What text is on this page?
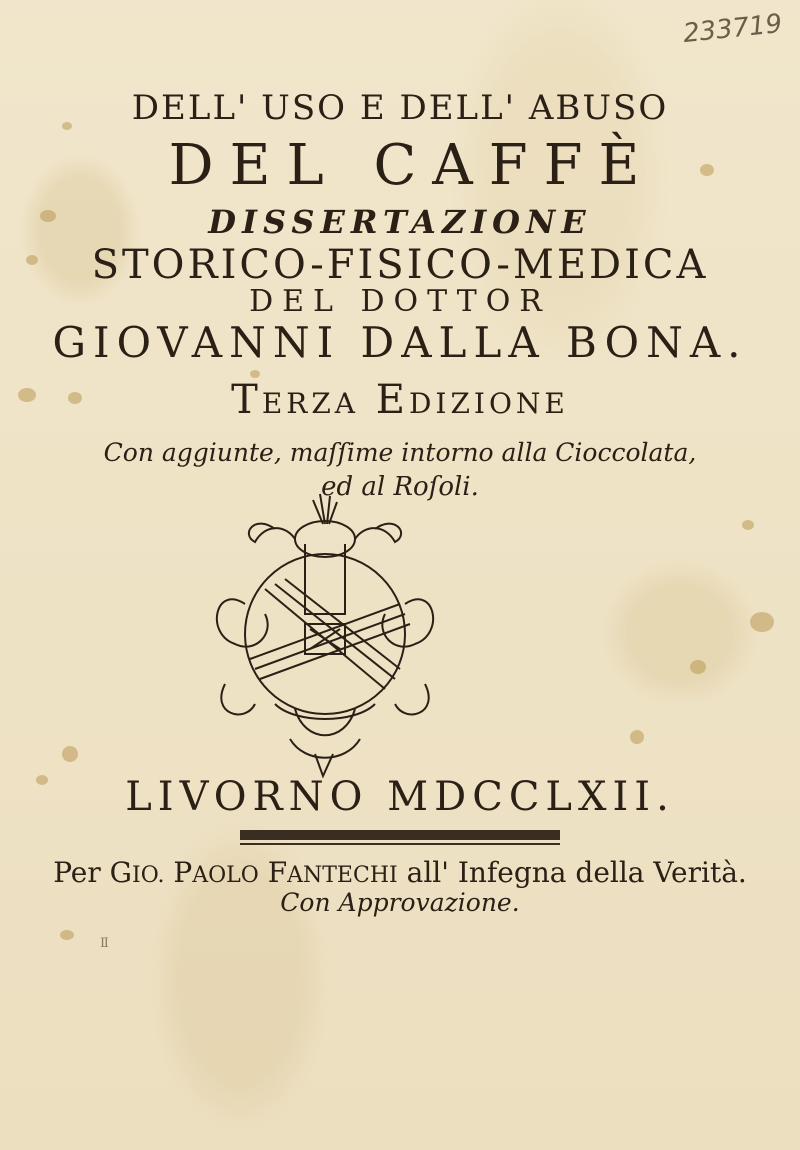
233719
DELL' USO E DELL' ABUSO
DEL CAFFÈ
DISSERTAZIONE
STORICO-FISICO-MEDICA
DEL DOTTOR
GIOVANNI DALLA BONA.
TERZA EDIZIONE
Con aggiunte, maſſime intorno alla Cioccolata,
ed al Roſoli.
LIVORNO MDCCLXII.
Per GIO. PAOLO FANTECHI all' Infegna della Verità.
Con Approvazione.
Ⅱ
